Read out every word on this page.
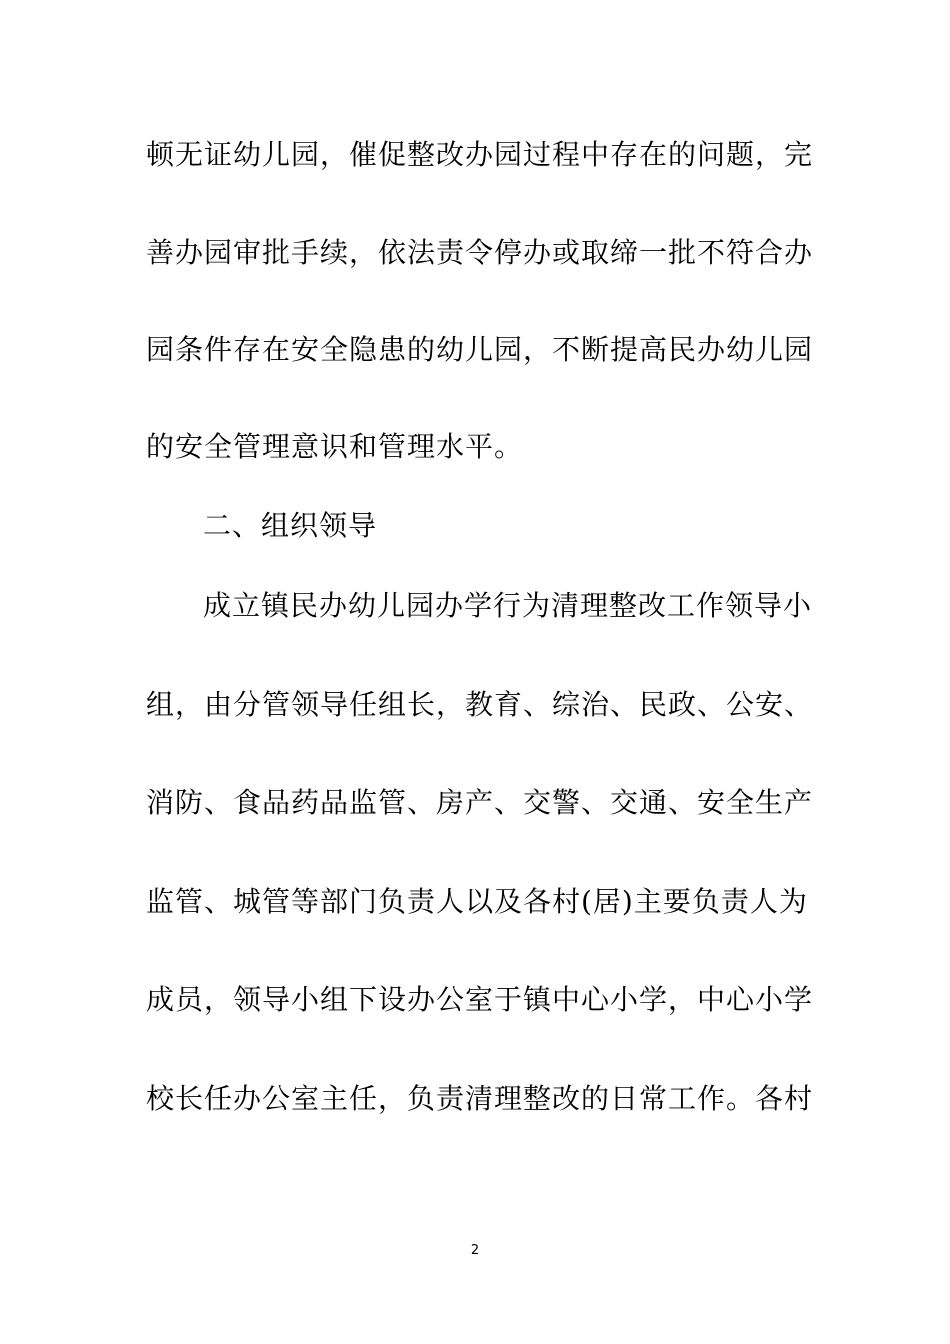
顿无证幼儿园，催促整改办园过程中存在的问题，完
善办园审批手续，依法责令停办或取缔一批不符合办
园条件存在安全隐患的幼儿园，不断提高民办幼儿园
的安全管理意识和管理水平。
二、组织领导
成立镇民办幼儿园办学行为清理整改工作领导小
组，由分管领导任组长，教育、综治、民政、公安、
消防、食品药品监管、房产、交警、交通、安全生产
监管、城管等部门负责人以及各村(居)主要负责人为
成员，领导小组下设办公室于镇中心小学，中心小学
校长任办公室主任，负责清理整改的日常工作。各村
2
